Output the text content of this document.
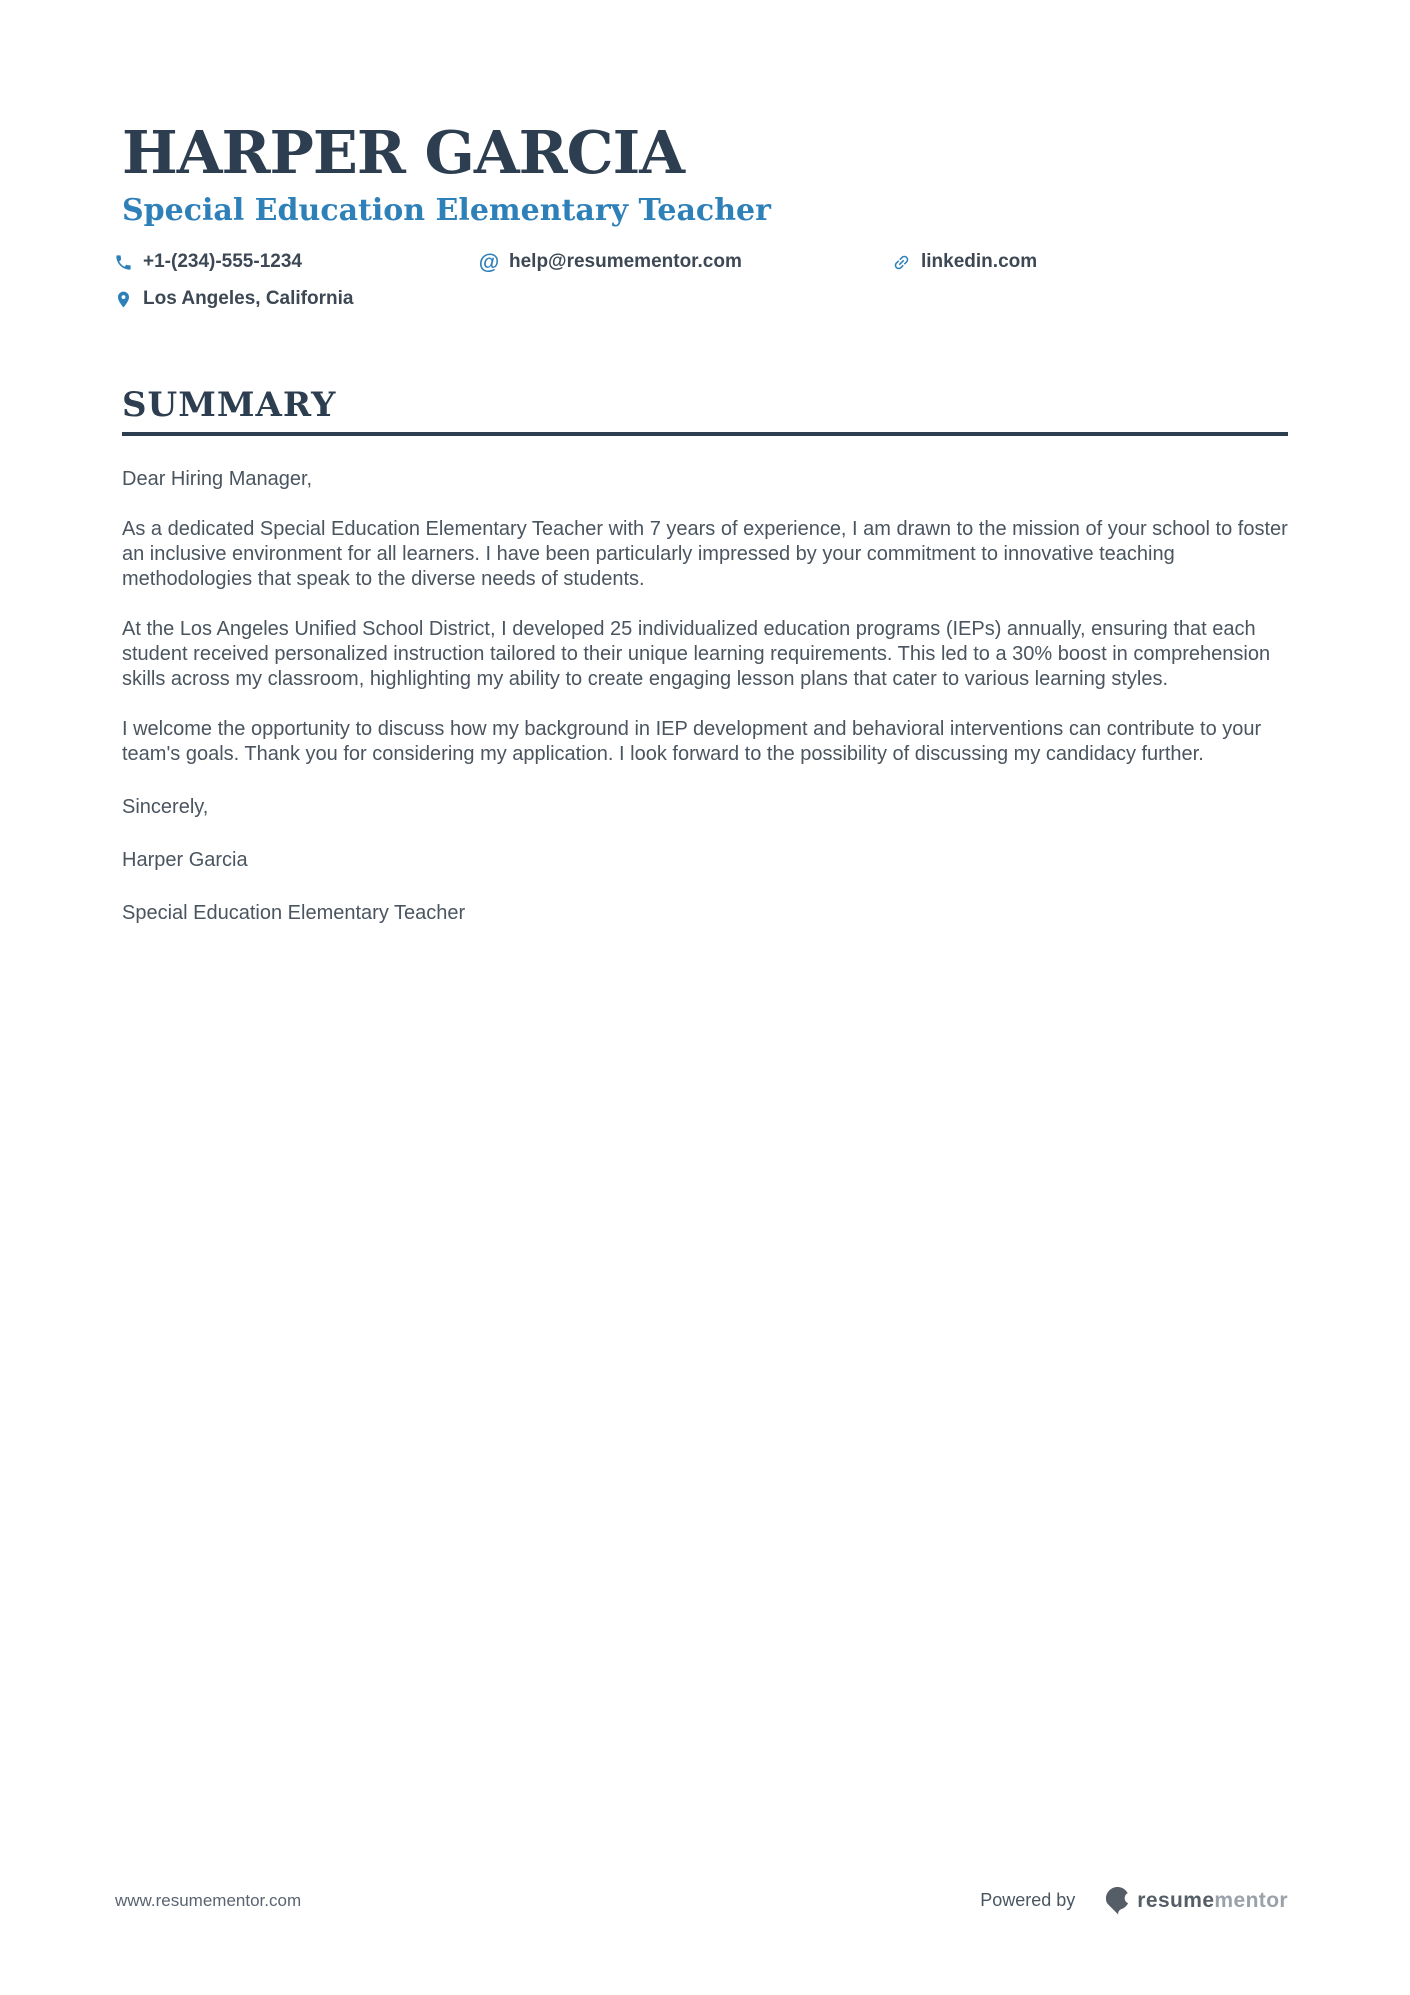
HARPER GARCIA
Special Education Elementary Teacher
+1-(234)-555-1234	@ help@resumementor.com	linkedin.com
Los Angeles, California
SUMMARY

Dear Hiring Manager,

As a dedicated Special Education Elementary Teacher with 7 years of experience, I am drawn to the mission of your school to foster an inclusive environment for all learners. I have been particularly impressed by your commitment to innovative teaching methodologies that speak to the diverse needs of students.

At the Los Angeles Unified School District, I developed 25 individualized education programs (IEPs) annually, ensuring that each student received personalized instruction tailored to their unique learning requirements. This led to a 30% boost in comprehension skills across my classroom, highlighting my ability to create engaging lesson plans that cater to various learning styles.

I welcome the opportunity to discuss how my background in IEP development and behavioral interventions can contribute to your team's goals. Thank you for considering my application. I look forward to the possibility of discussing my candidacy further.

Sincerely,

Harper Garcia

Special Education Elementary Teacher

www.resumementor.com	Powered by	resumementor
